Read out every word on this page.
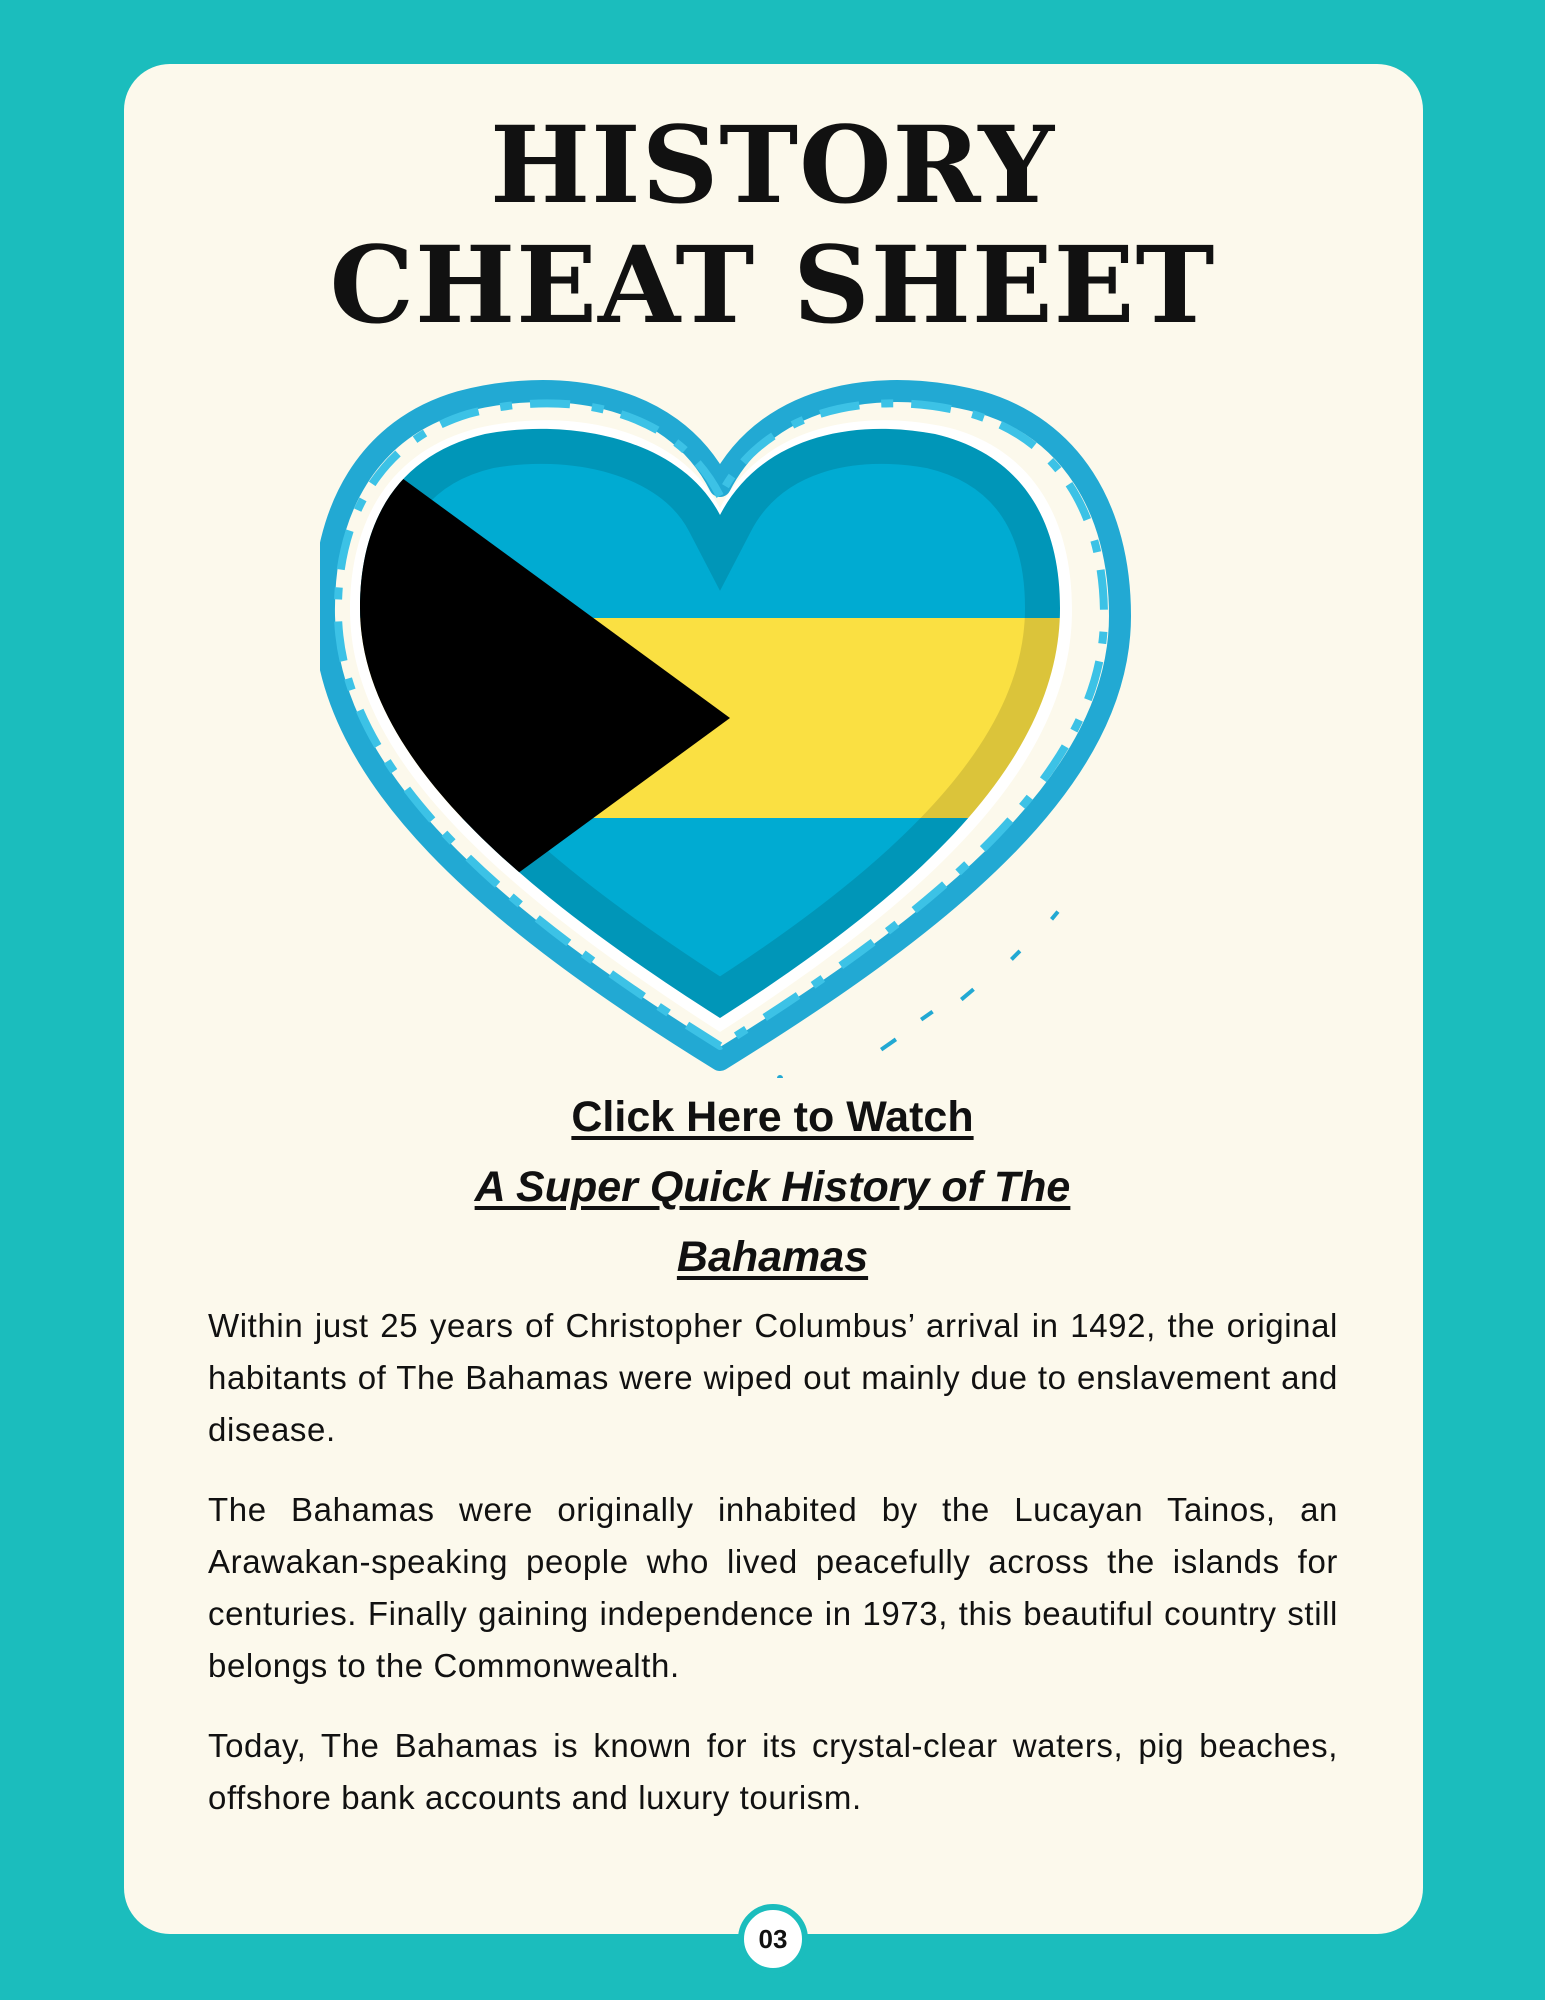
HISTORY
CHEAT SHEET
Click Here to Watch
A Super Quick History of The
Bahamas

Within just 25 years of Christopher Columbus’ arrival in 1492, the original habitants of The Bahamas were wiped out mainly due to enslavement and disease.

The Bahamas were originally inhabited by the Lucayan Tainos, an Arawakan-speaking people who lived peacefully across the islands for centuries. Finally gaining independence in 1973, this beautiful country still belongs to the Commonwealth.

Today, The Bahamas is known for its crystal-clear waters, pig beaches, offshore bank accounts and luxury tourism.

03
